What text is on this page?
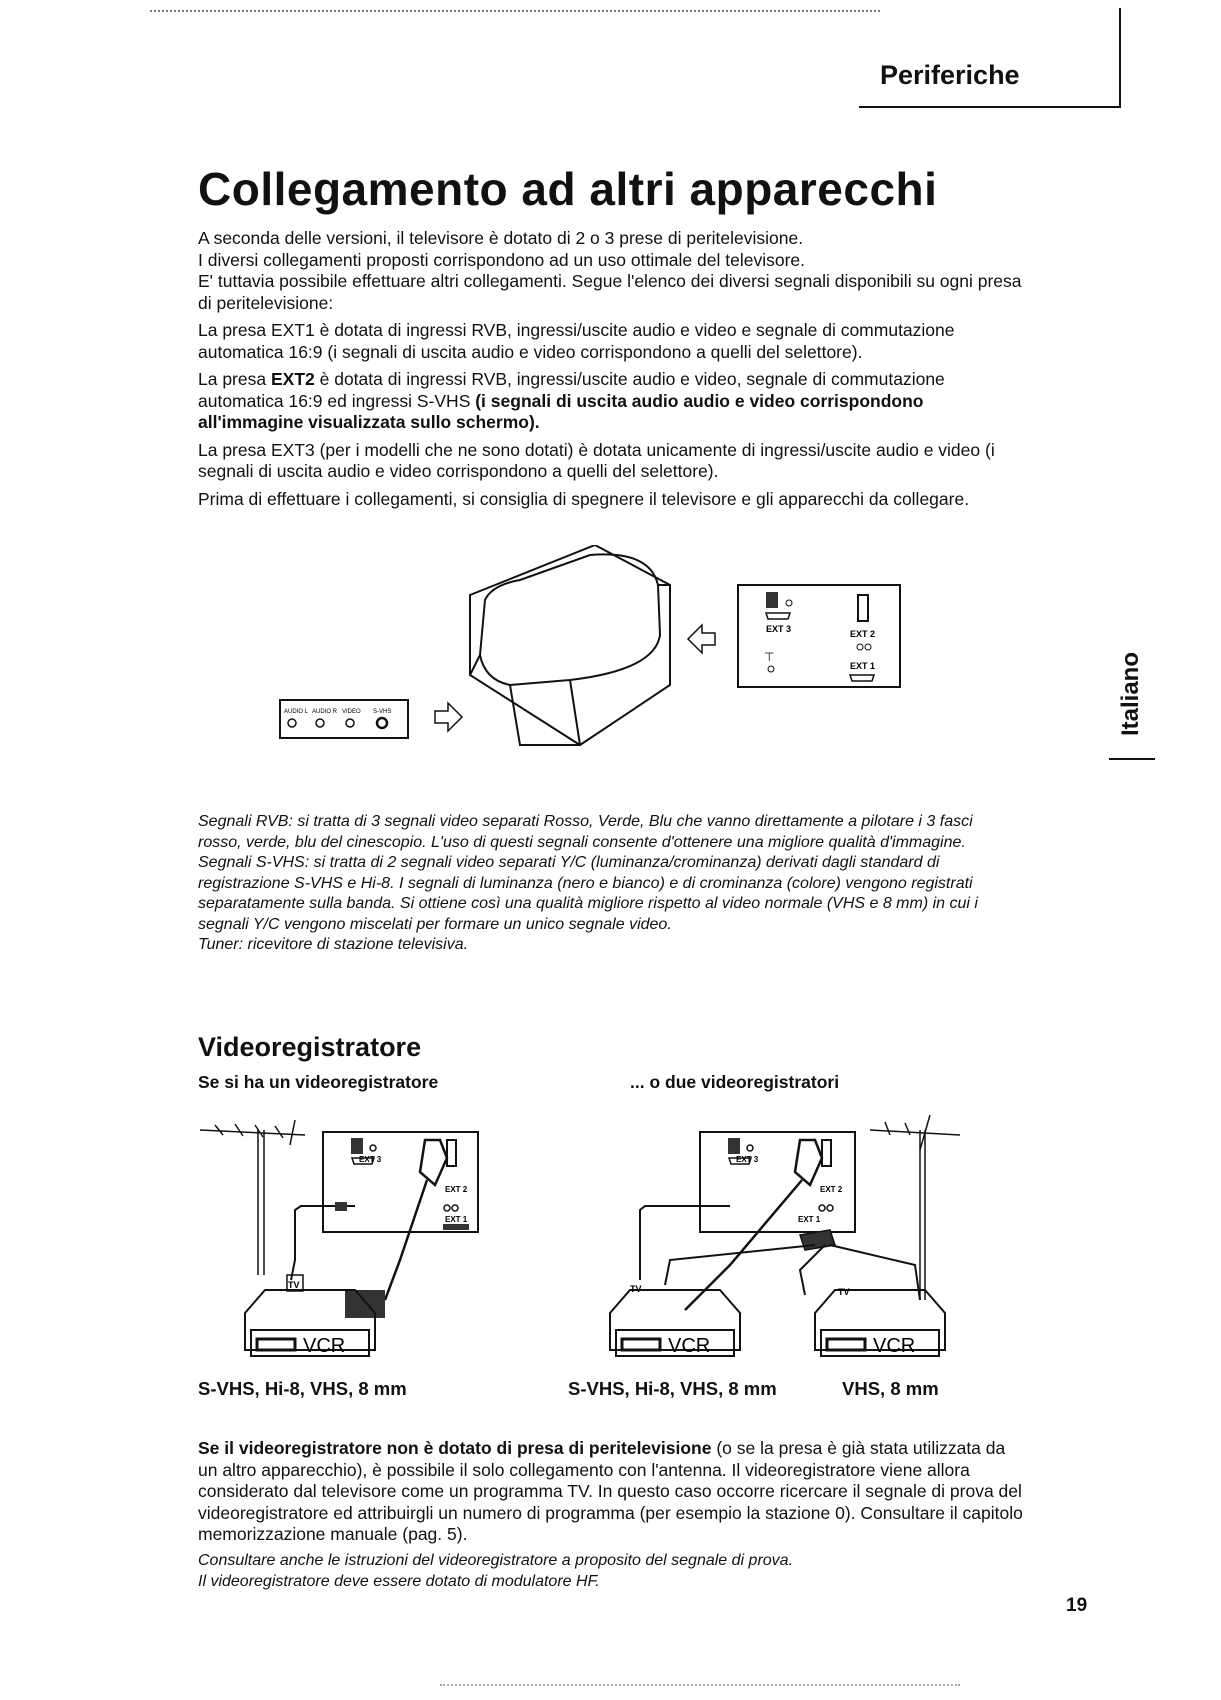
Periferiche
Collegamento ad altri apparecchi

A seconda delle versioni, il televisore è dotato di 2 o 3 prese di peritelevisione.
I diversi collegamenti proposti corrispondono ad un uso ottimale del televisore.
E' tuttavia possibile effettuare altri collegamenti. Segue l'elenco dei diversi segnali disponibili su ogni presa di peritelevisione:

La presa EXT1 è dotata di ingressi RVB, ingressi/uscite audio e video e segnale di commutazione automatica 16:9 (i segnali di uscita audio e video corrispondono a quelli del selettore).

La presa EXT2 è dotata di ingressi RVB, ingressi/uscite audio e video, segnale di commutazione automatica 16:9 ed ingressi S-VHS (i segnali di uscita audio audio e video corrispondono all'immagine visualizzata sullo schermo).

La presa EXT3 (per i modelli che ne sono dotati) è dotata unicamente di ingressi/uscite audio e video (i segnali di uscita audio e video corrispondono a quelli del selettore).

Prima di effettuare i collegamenti, si consiglia di spegnere il televisore e gli apparecchi da collegare.

AUDIO L AUDIO R VIDEO S-VHS
EXT 3	EXT 2
⊤
EXT 1	Italiano
Segnali RVB: si tratta di 3 segnali video separati Rosso, Verde, Blu che vanno direttamente a pilotare i 3 fasci rosso, verde, blu del cinescopio. L'uso di questi segnali consente d'ottenere una migliore qualità d'immagine.
Segnali S-VHS: si tratta di 2 segnali video separati Y/C (luminanza/crominanza) derivati dagli standard di registrazione S-VHS e Hi-8. I segnali di luminanza (nero e bianco) e di crominanza (colore) vengono registrati separatamente sulla banda. Si ottiene così una qualità migliore rispetto al video normale (VHS e 8 mm) in cui i segnali Y/C vengono miscelati per formare un unico segnale video.
Tuner: ricevitore di stazione televisiva.
Videoregistratore
Se si ha un videoregistratore	... o due videoregistratori
EXT 3
EXT 2
EXT 1
TV
VCR
EXT 3
EXT 2
EXT 1
TV	TV
VCR	VCR
S-VHS, Hi-8, VHS, 8 mm	S-VHS, Hi-8, VHS, 8 mm	VHS, 8 mm
Se il videoregistratore non è dotato di presa di peritelevisione (o se la presa è già stata utilizzata da un altro apparecchio), è possibile il solo collegamento con l'antenna. Il videoregistratore viene allora considerato dal televisore come un programma TV. In questo caso occorre ricercare il segnale di prova del videoregistratore ed attribuirgli un numero di programma (per esempio la stazione 0). Consultare il capitolo memorizzazione manuale (pag. 5).
Consultare anche le istruzioni del videoregistratore a proposito del segnale di prova.
Il videoregistratore deve essere dotato di modulatore HF.
19
